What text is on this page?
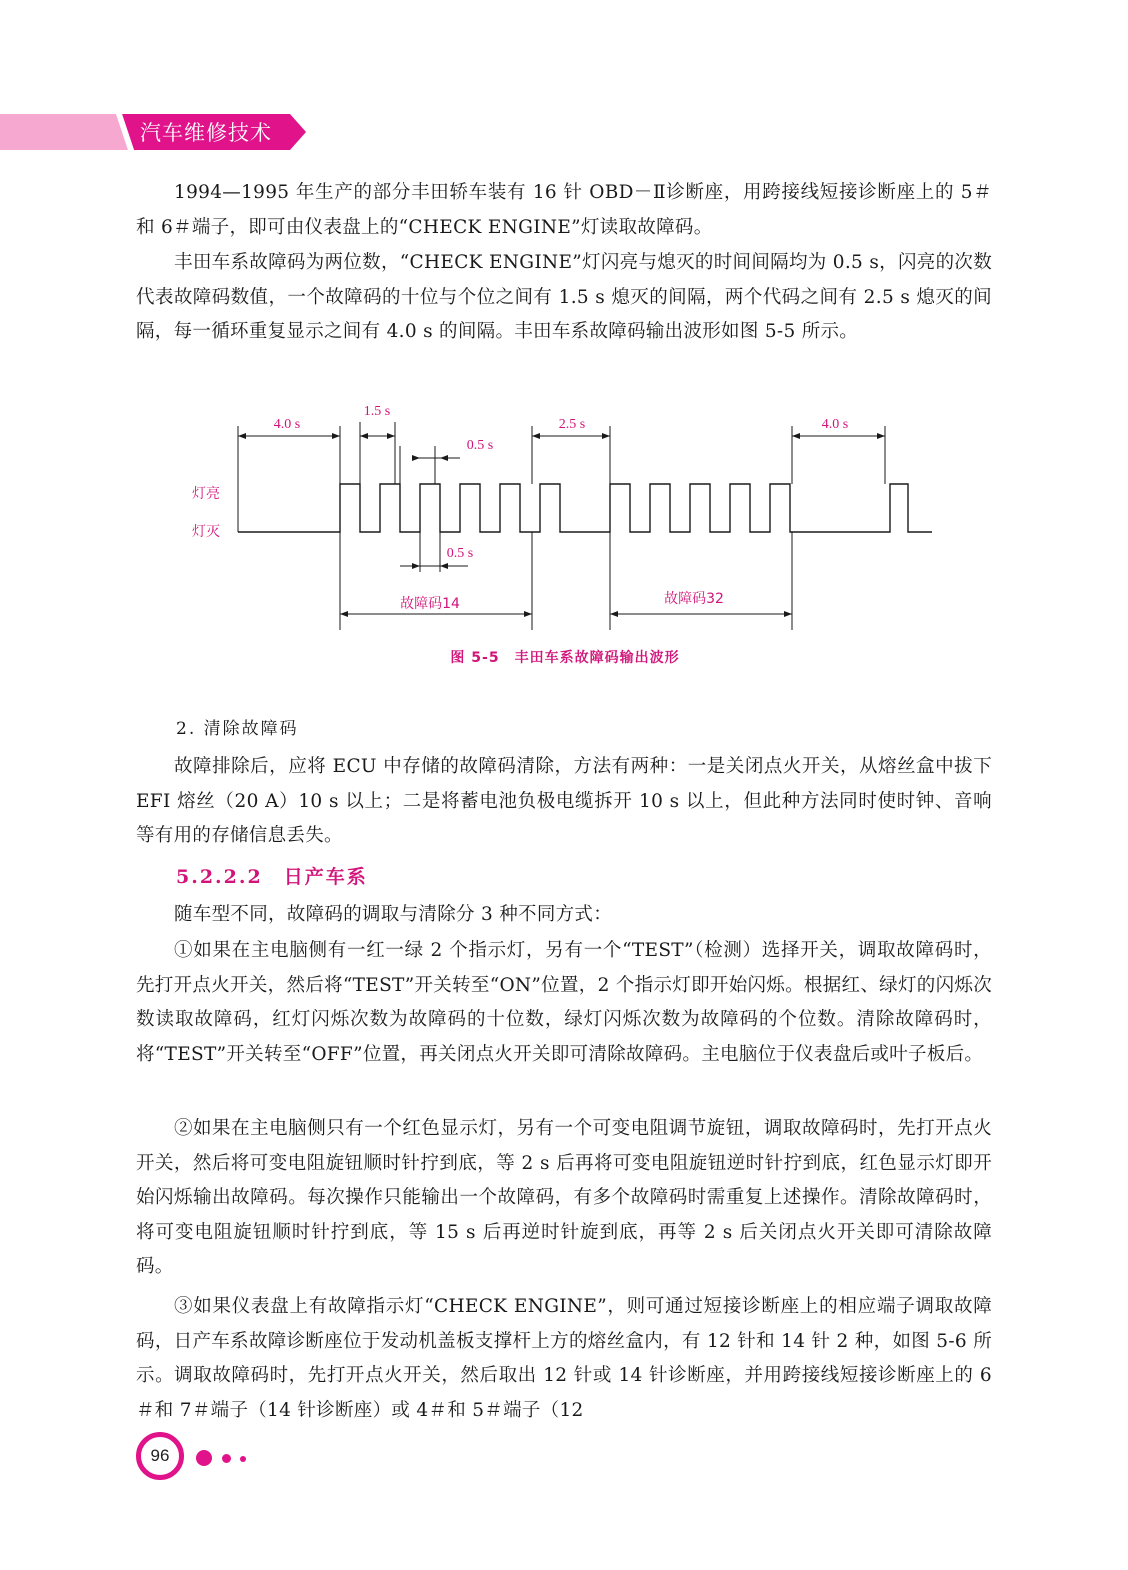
汽车维修技术

1994—1995 年生产的部分丰田轿车装有 16 针 OBD－Ⅱ诊断座，用跨接线短接诊断座上的 5＃和 6＃端子，即可由仪表盘上的“CHECK ENGINE”灯读取故障码。

丰田车系故障码为两位数，“CHECK ENGINE”灯闪亮与熄灭的时间间隔均为 0.5 s，闪亮的次数代表故障码数值，一个故障码的十位与个位之间有 1.5 s 熄灭的间隔，两个代码之间有 2.5 s 熄灭的间隔，每一循环重复显示之间有 4.0 s 的间隔。丰田车系故障码输出波形如图 5-5 所示。

4.0 s
1.5 s
0.5 s
2.5 s	4.0 s
0.5 s
灯亮
灯灭
故障码14	故障码32
图 5-5　丰田车系故障码输出波形

2. 清除故障码

故障排除后，应将 ECU 中存储的故障码清除，方法有两种：一是关闭点火开关，从熔丝盒中拔下 EFI 熔丝（20 A）10 s 以上；二是将蓄电池负极电缆拆开 10 s 以上，但此种方法同时使时钟、音响等有用的存储信息丢失。

5.2.2.2　日产车系

随车型不同，故障码的调取与清除分 3 种不同方式：

①如果在主电脑侧有一红一绿 2 个指示灯，另有一个“TEST”（检测）选择开关，调取故障码时，先打开点火开关，然后将“TEST”开关转至“ON”位置，2 个指示灯即开始闪烁。根据红、绿灯的闪烁次数读取故障码，红灯闪烁次数为故障码的十位数，绿灯闪烁次数为故障码的个位数。清除故障码时，将“TEST”开关转至“OFF”位置，再关闭点火开关即可清除故障码。主电脑位于仪表盘后或叶子板后。

②如果在主电脑侧只有一个红色显示灯，另有一个可变电阻调节旋钮，调取故障码时，先打开点火开关，然后将可变电阻旋钮顺时针拧到底，等 2 s 后再将可变电阻旋钮逆时针拧到底，红色显示灯即开始闪烁输出故障码。每次操作只能输出一个故障码，有多个故障码时需重复上述操作。清除故障码时，将可变电阻旋钮顺时针拧到底，等 15 s 后再逆时针旋到底，再等 2 s 后关闭点火开关即可清除故障码。

③如果仪表盘上有故障指示灯“CHECK ENGINE”，则可通过短接诊断座上的相应端子调取故障码，日产车系故障诊断座位于发动机盖板支撑杆上方的熔丝盒内，有 12 针和 14 针 2 种，如图 5-6 所示。调取故障码时，先打开点火开关，然后取出 12 针或 14 针诊断座，并用跨接线短接诊断座上的 6＃和 7＃端子（14 针诊断座）或 4＃和 5＃端子（12

96
